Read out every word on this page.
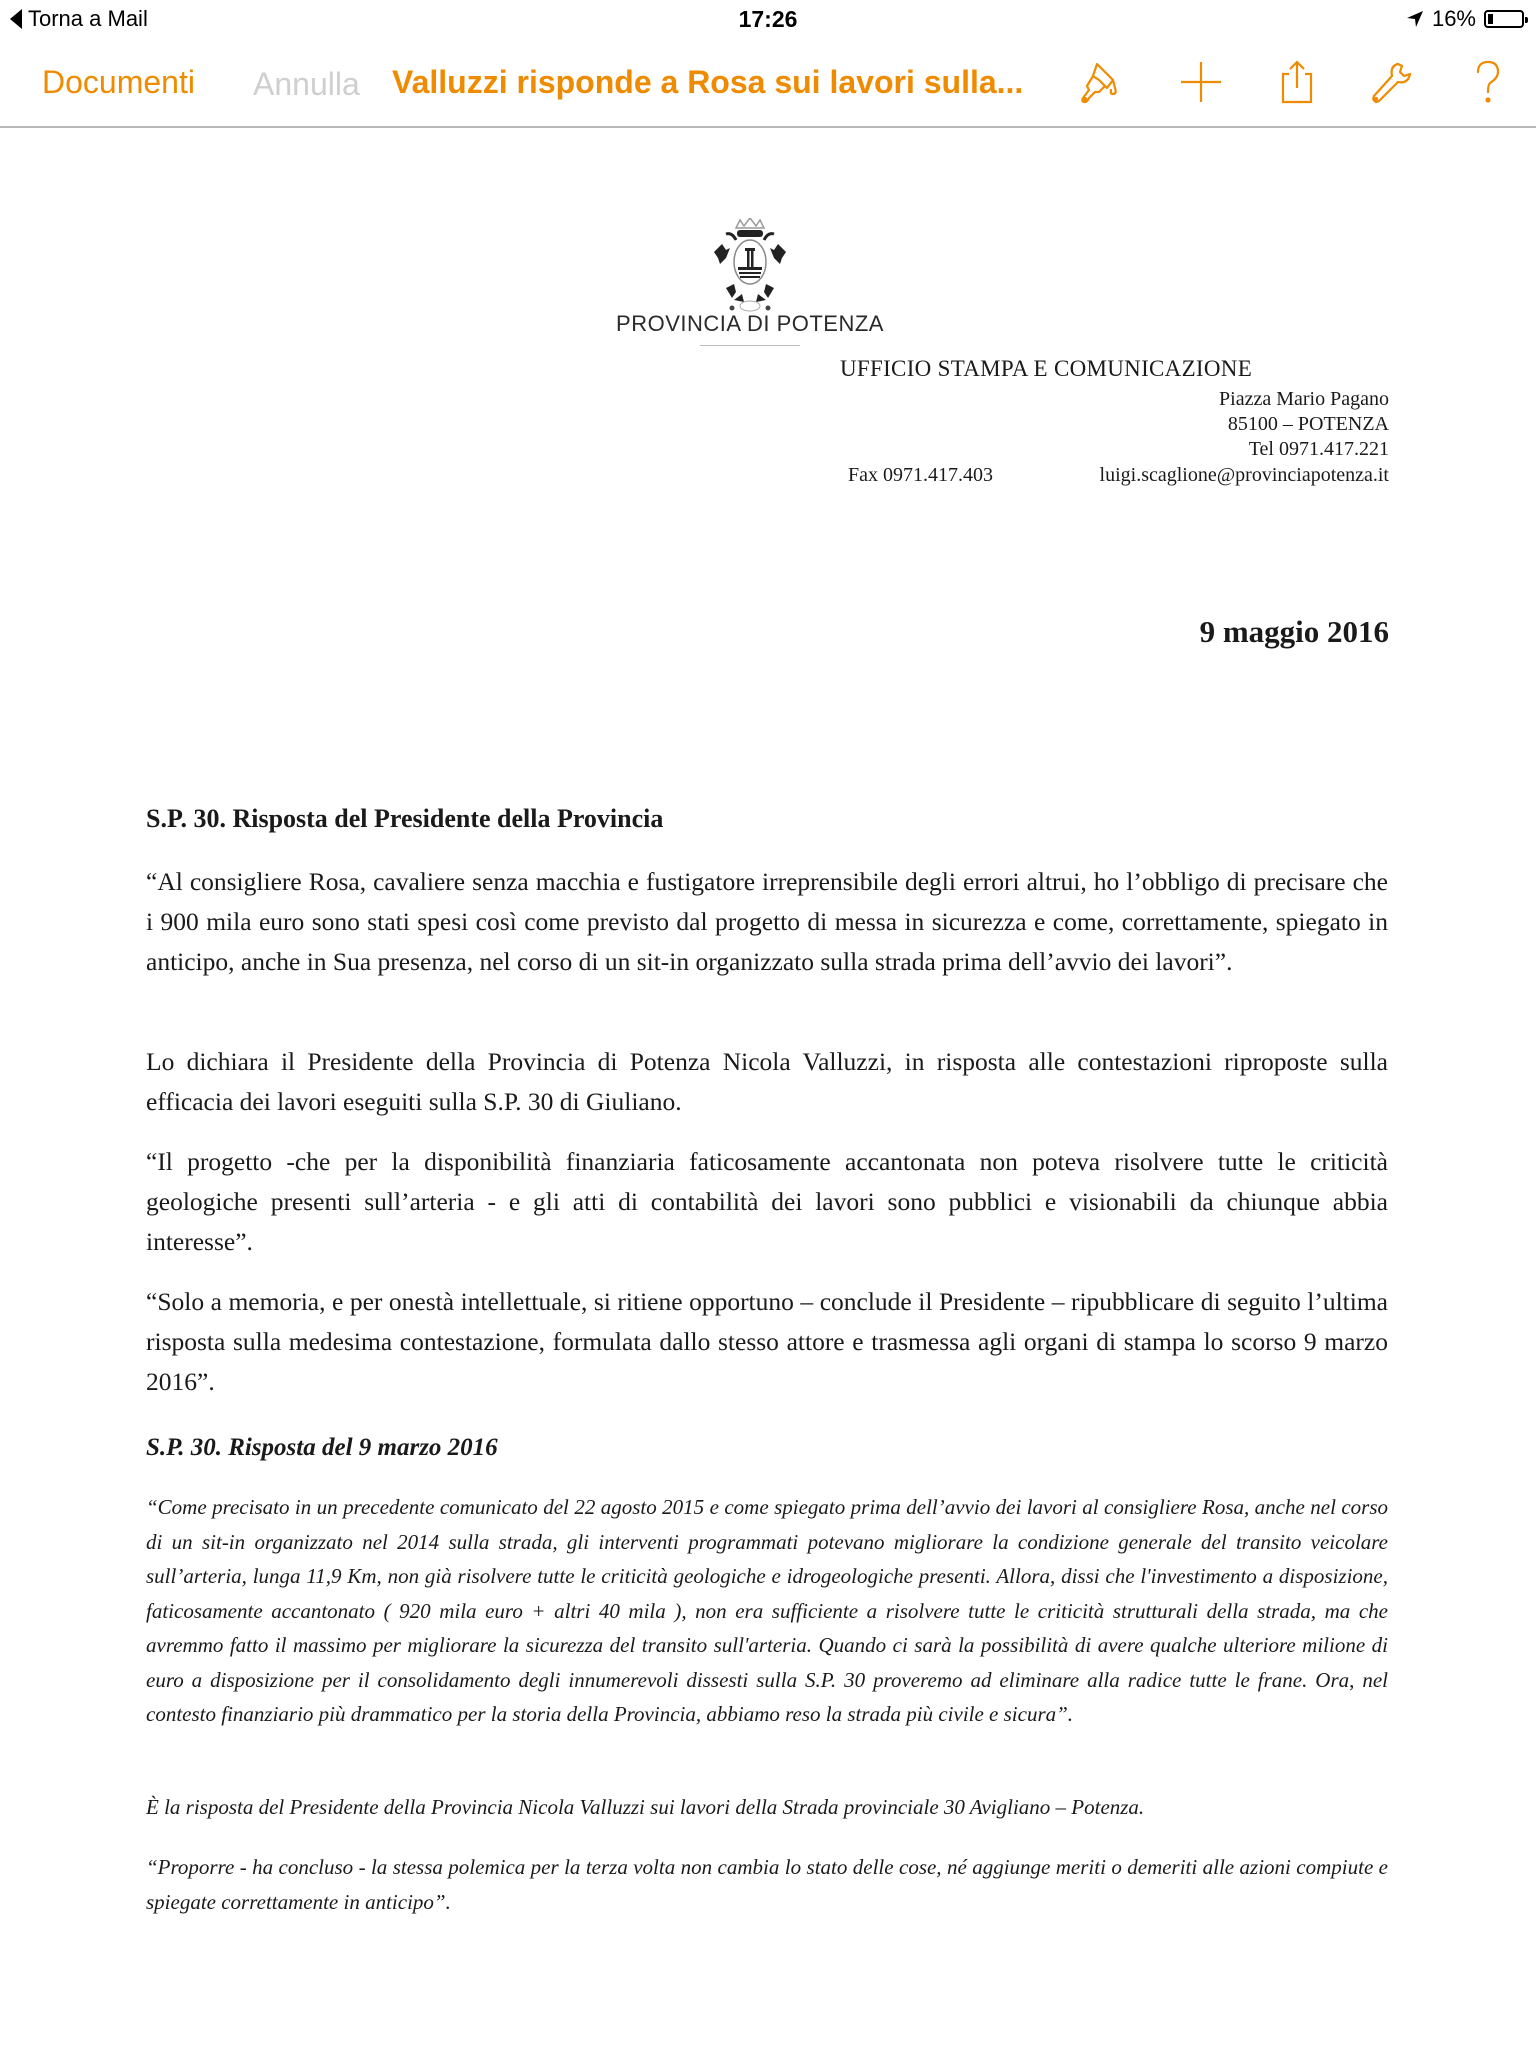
Torna a Mail	17:26	16%
Documenti Annulla Valluzzi risponde a Rosa sui lavori sulla...
PROVINCIA DI POTENZA
UFFICIO STAMPA E COMUNICAZIONE
Piazza Mario Pagano
85100 – POTENZA
Tel 0971.417.221
Fax 0971.417.403	luigi.scaglione@provinciapotenza.it
9 maggio 2016
S.P. 30. Risposta del Presidente della Provincia
“Al consigliere Rosa, cavaliere senza macchia e fustigatore irreprensibile degli errori altrui, ho l’obbligo di precisare che i 900 mila euro sono stati spesi così come previsto dal progetto di messa in sicurezza e come, correttamente, spiegato in anticipo, anche in Sua presenza, nel corso di un sit-in organizzato sulla strada prima dell’avvio dei lavori”.
Lo dichiara il Presidente della Provincia di Potenza Nicola Valluzzi, in risposta alle contestazioni riproposte sulla efficacia dei lavori eseguiti sulla S.P. 30 di Giuliano.
“Il progetto -che per la disponibilità finanziaria faticosamente accantonata non poteva risolvere tutte le criticità geologiche presenti sull’arteria - e gli atti di contabilità dei lavori sono pubblici e visionabili da chiunque abbia interesse”.
“Solo a memoria, e per onestà intellettuale, si ritiene opportuno – conclude il Presidente – ripubblicare di seguito l’ultima risposta sulla medesima contestazione, formulata dallo stesso attore e trasmessa agli organi di stampa lo scorso 9 marzo 2016”.
S.P. 30. Risposta del 9 marzo 2016
“Come precisato in un precedente comunicato del 22 agosto 2015 e come spiegato prima dell’avvio dei lavori al consigliere Rosa, anche nel corso di un sit-in organizzato nel 2014 sulla strada, gli interventi programmati potevano migliorare la condizione generale del transito veicolare sull’arteria, lunga 11,9 Km, non già risolvere tutte le criticità geologiche e idrogeologiche presenti. Allora, dissi che l'investimento a disposizione, faticosamente accantonato ( 920 mila euro + altri 40 mila ), non era sufficiente a risolvere tutte le criticità strutturali della strada, ma che avremmo fatto il massimo per migliorare la sicurezza del transito sull'arteria. Quando ci sarà la possibilità di avere qualche ulteriore milione di euro a disposizione per il consolidamento degli innumerevoli dissesti sulla S.P. 30 proveremo ad eliminare alla radice tutte le frane. Ora, nel contesto finanziario più drammatico per la storia della Provincia, abbiamo reso la strada più civile e sicura”.
È la risposta del Presidente della Provincia Nicola Valluzzi sui lavori della Strada provinciale 30 Avigliano – Potenza.
“Proporre - ha concluso - la stessa polemica per la terza volta non cambia lo stato delle cose, né aggiunge meriti o demeriti alle azioni compiute e spiegate correttamente in anticipo”.
